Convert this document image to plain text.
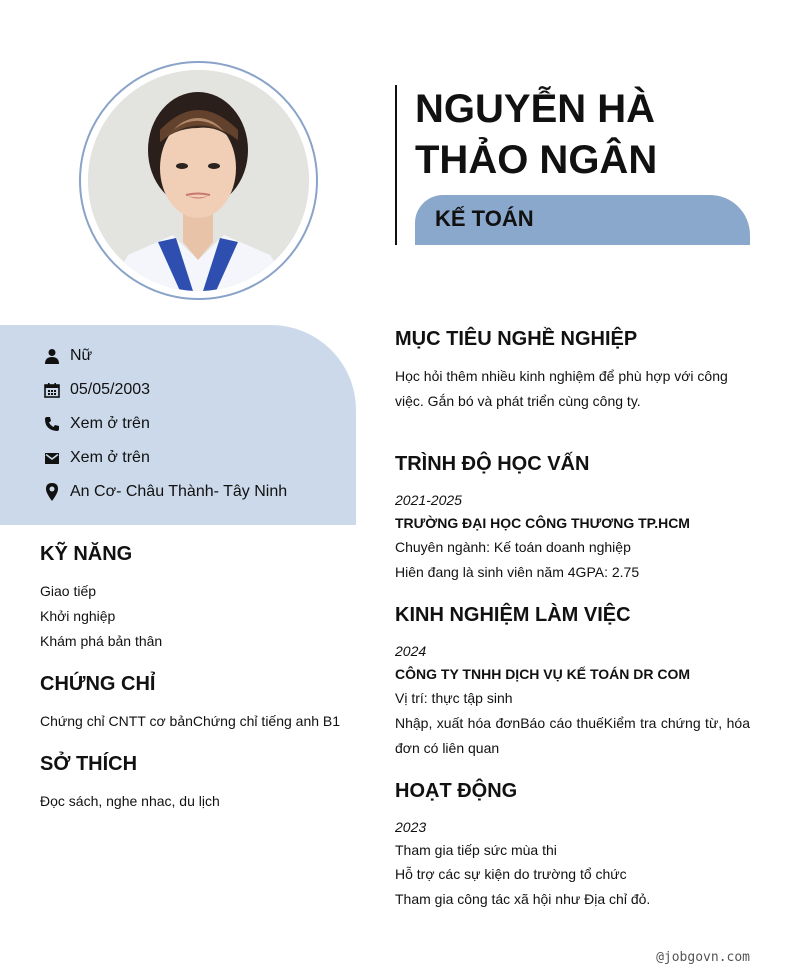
NGUYỄN HÀ
THẢO NGÂN
KẾ TOÁN
Nữ
05/05/2003
Xem ở trên
Xem ở trên
An Cơ- Châu Thành- Tây Ninh
KỸ NĂNG
Giao tiếp
Khởi nghiệp
Khám phá bản thân
CHỨNG CHỈ
Chứng chỉ CNTT cơ bảnChứng chỉ tiếng anh B1
SỞ THÍCH
Đọc sách, nghe nhac, du lịch
MỤC TIÊU NGHỀ NGHIỆP
Học hỏi thêm nhiều kinh nghiệm để phù hợp với công việc. Gắn bó và phát triển cùng công ty.
TRÌNH ĐỘ HỌC VẤN
2021-2025
TRƯỜNG ĐẠI HỌC CÔNG THƯƠNG TP.HCM
Chuyên ngành: Kế toán doanh nghiệp
Hiên đang là sinh viên năm 4GPA: 2.75
KINH NGHIỆM LÀM VIỆC
2024
CÔNG TY TNHH DỊCH VỤ KẾ TOÁN DR COM
Vị trí: thực tập sinh
Nhập, xuất hóa đơnBáo cáo thuếKiểm tra chứng từ, hóa đơn có liên quan
HOẠT ĐỘNG
2023
Tham gia tiếp sức mùa thi
Hỗ trợ các sự kiện do trường tổ chức
Tham gia công tác xã hội như Địa chỉ đỏ.
@jobgovn.com
